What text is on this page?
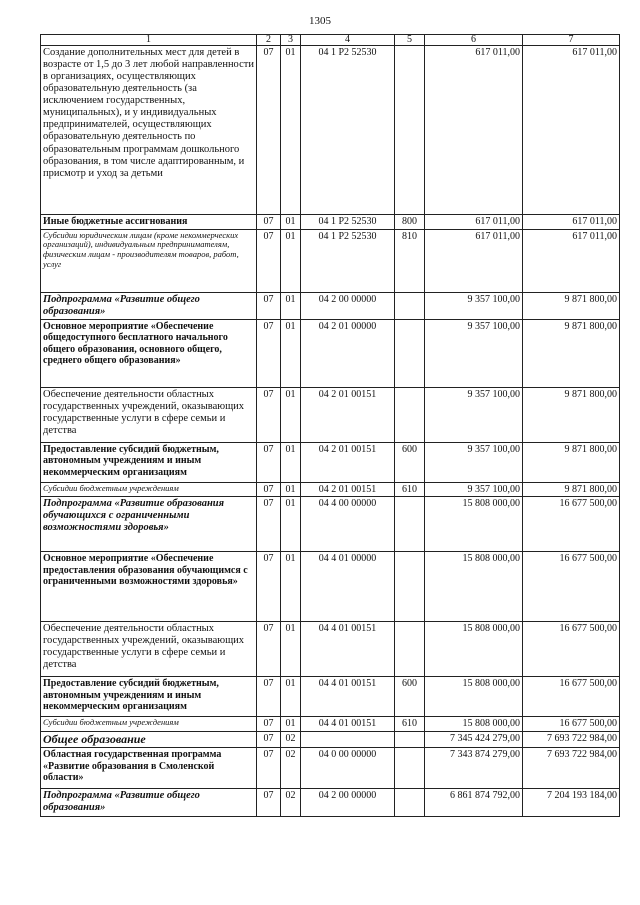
1305
1	2	3	4	5	6	7
Создание дополнительных мест для детей в возрасте от 1,5 до 3 лет любой направленности в организациях, осуществляющих образовательную деятельность (за исключением государственных, муниципальных), и у индивидуальных предпринимателей, осуществляющих образовательную деятельность по образовательным программам дошкольного образования, в том числе адаптированным, и присмотр и уход за детьми	07	01	04 1 Р2 52530		617 011,00	617 011,00
Иные бюджетные ассигнования	07	01	04 1 Р2 52530	800	617 011,00	617 011,00
Субсидии юридическим лицам (кроме некоммерческих организаций), индивидуальным предпринимателям, физическим лицам - производителям товаров, работ, услуг	07	01	04 1 Р2 52530	810	617 011,00	617 011,00
Подпрограмма «Развитие общего образования»	07	01	04 2 00 00000		9 357 100,00	9 871 800,00
Основное мероприятие «Обеспечение общедоступного бесплатного начального общего образования, основного общего, среднего общего образования»	07	01	04 2 01 00000		9 357 100,00	9 871 800,00
Обеспечение деятельности областных государственных учреждений, оказывающих государственные услуги в сфере семьи и детства	07	01	04 2 01 00151		9 357 100,00	9 871 800,00
Предоставление субсидий бюджетным, автономным учреждениям и иным некоммерческим организациям	07	01	04 2 01 00151	600	9 357 100,00	9 871 800,00
Субсидии бюджетным учреждениям	07	01	04 2 01 00151	610	9 357 100,00	9 871 800,00
Подпрограмма «Развитие образования обучающихся с ограниченными возможностями здоровья»	07	01	04 4 00 00000		15 808 000,00	16 677 500,00
Основное мероприятие «Обеспечение предоставления образования обучающимся с ограниченными возможностями здоровья»	07	01	04 4 01 00000		15 808 000,00	16 677 500,00
Обеспечение деятельности областных государственных учреждений, оказывающих государственные услуги в сфере семьи и детства	07	01	04 4 01 00151		15 808 000,00	16 677 500,00
Предоставление субсидий бюджетным, автономным учреждениям и иным некоммерческим организациям	07	01	04 4 01 00151	600	15 808 000,00	16 677 500,00
Субсидии бюджетным учреждениям	07	01	04 4 01 00151	610	15 808 000,00	16 677 500,00
Общее образование	07	02			7 345 424 279,00	7 693 722 984,00
Областная государственная программа «Развитие образования в Смоленской области»	07	02	04 0 00 00000		7 343 874 279,00	7 693 722 984,00
Подпрограмма «Развитие общего образования»	07	02	04 2 00 00000		6 861 874 792,00	7 204 193 184,00
